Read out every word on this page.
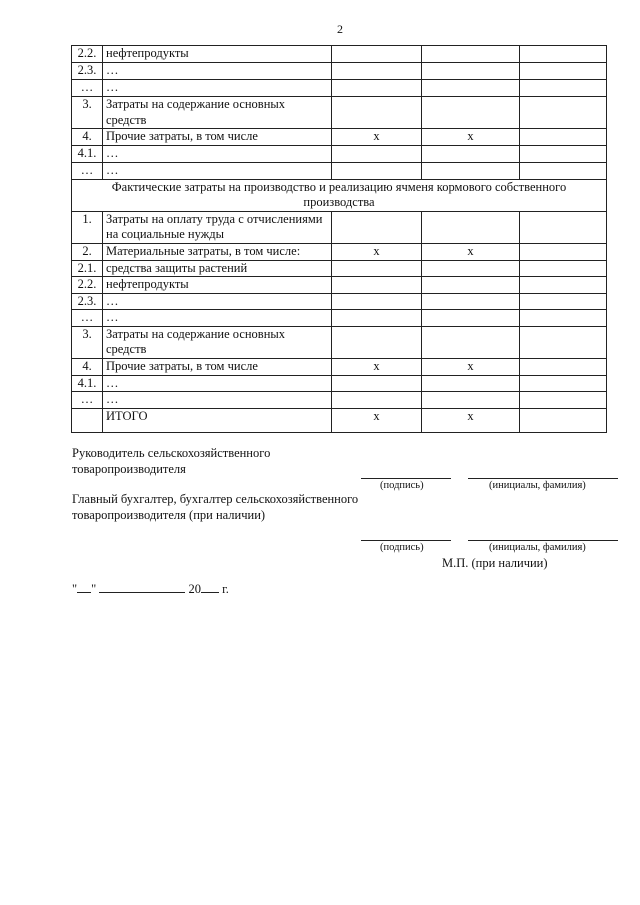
2
2.2.	нефтепродукты			
2.3.	…			
…	…			
3.	Затраты на содержание основных средств			
4.	Прочие затраты, в том числе	x	x	
4.1.	…			
…	…			
Фактические затраты на производство и реализацию ячменя кормового собственного производства				
1.	Затраты на оплату труда с отчислениями на социальные нужды			
2.	Материальные затраты, в том числе:	x	x	
2.1.	средства защиты растений			
2.2.	нефтепродукты			
2.3.	…			
…	…			
3.	Затраты на содержание основных средств			
4.	Прочие затраты, в том числе	x	x	
4.1.	…			
…	…			
	ИТОГО	x	x	
Руководитель сельскохозяйственного товаропроизводителя
(подпись)	(инициалы, фамилия)
Главный бухгалтер, бухгалтер сельскохозяйственного товаропроизводителя (при наличии)
(подпись)	(инициалы, фамилия)
М.П. (при наличии)
" "	20 г.
